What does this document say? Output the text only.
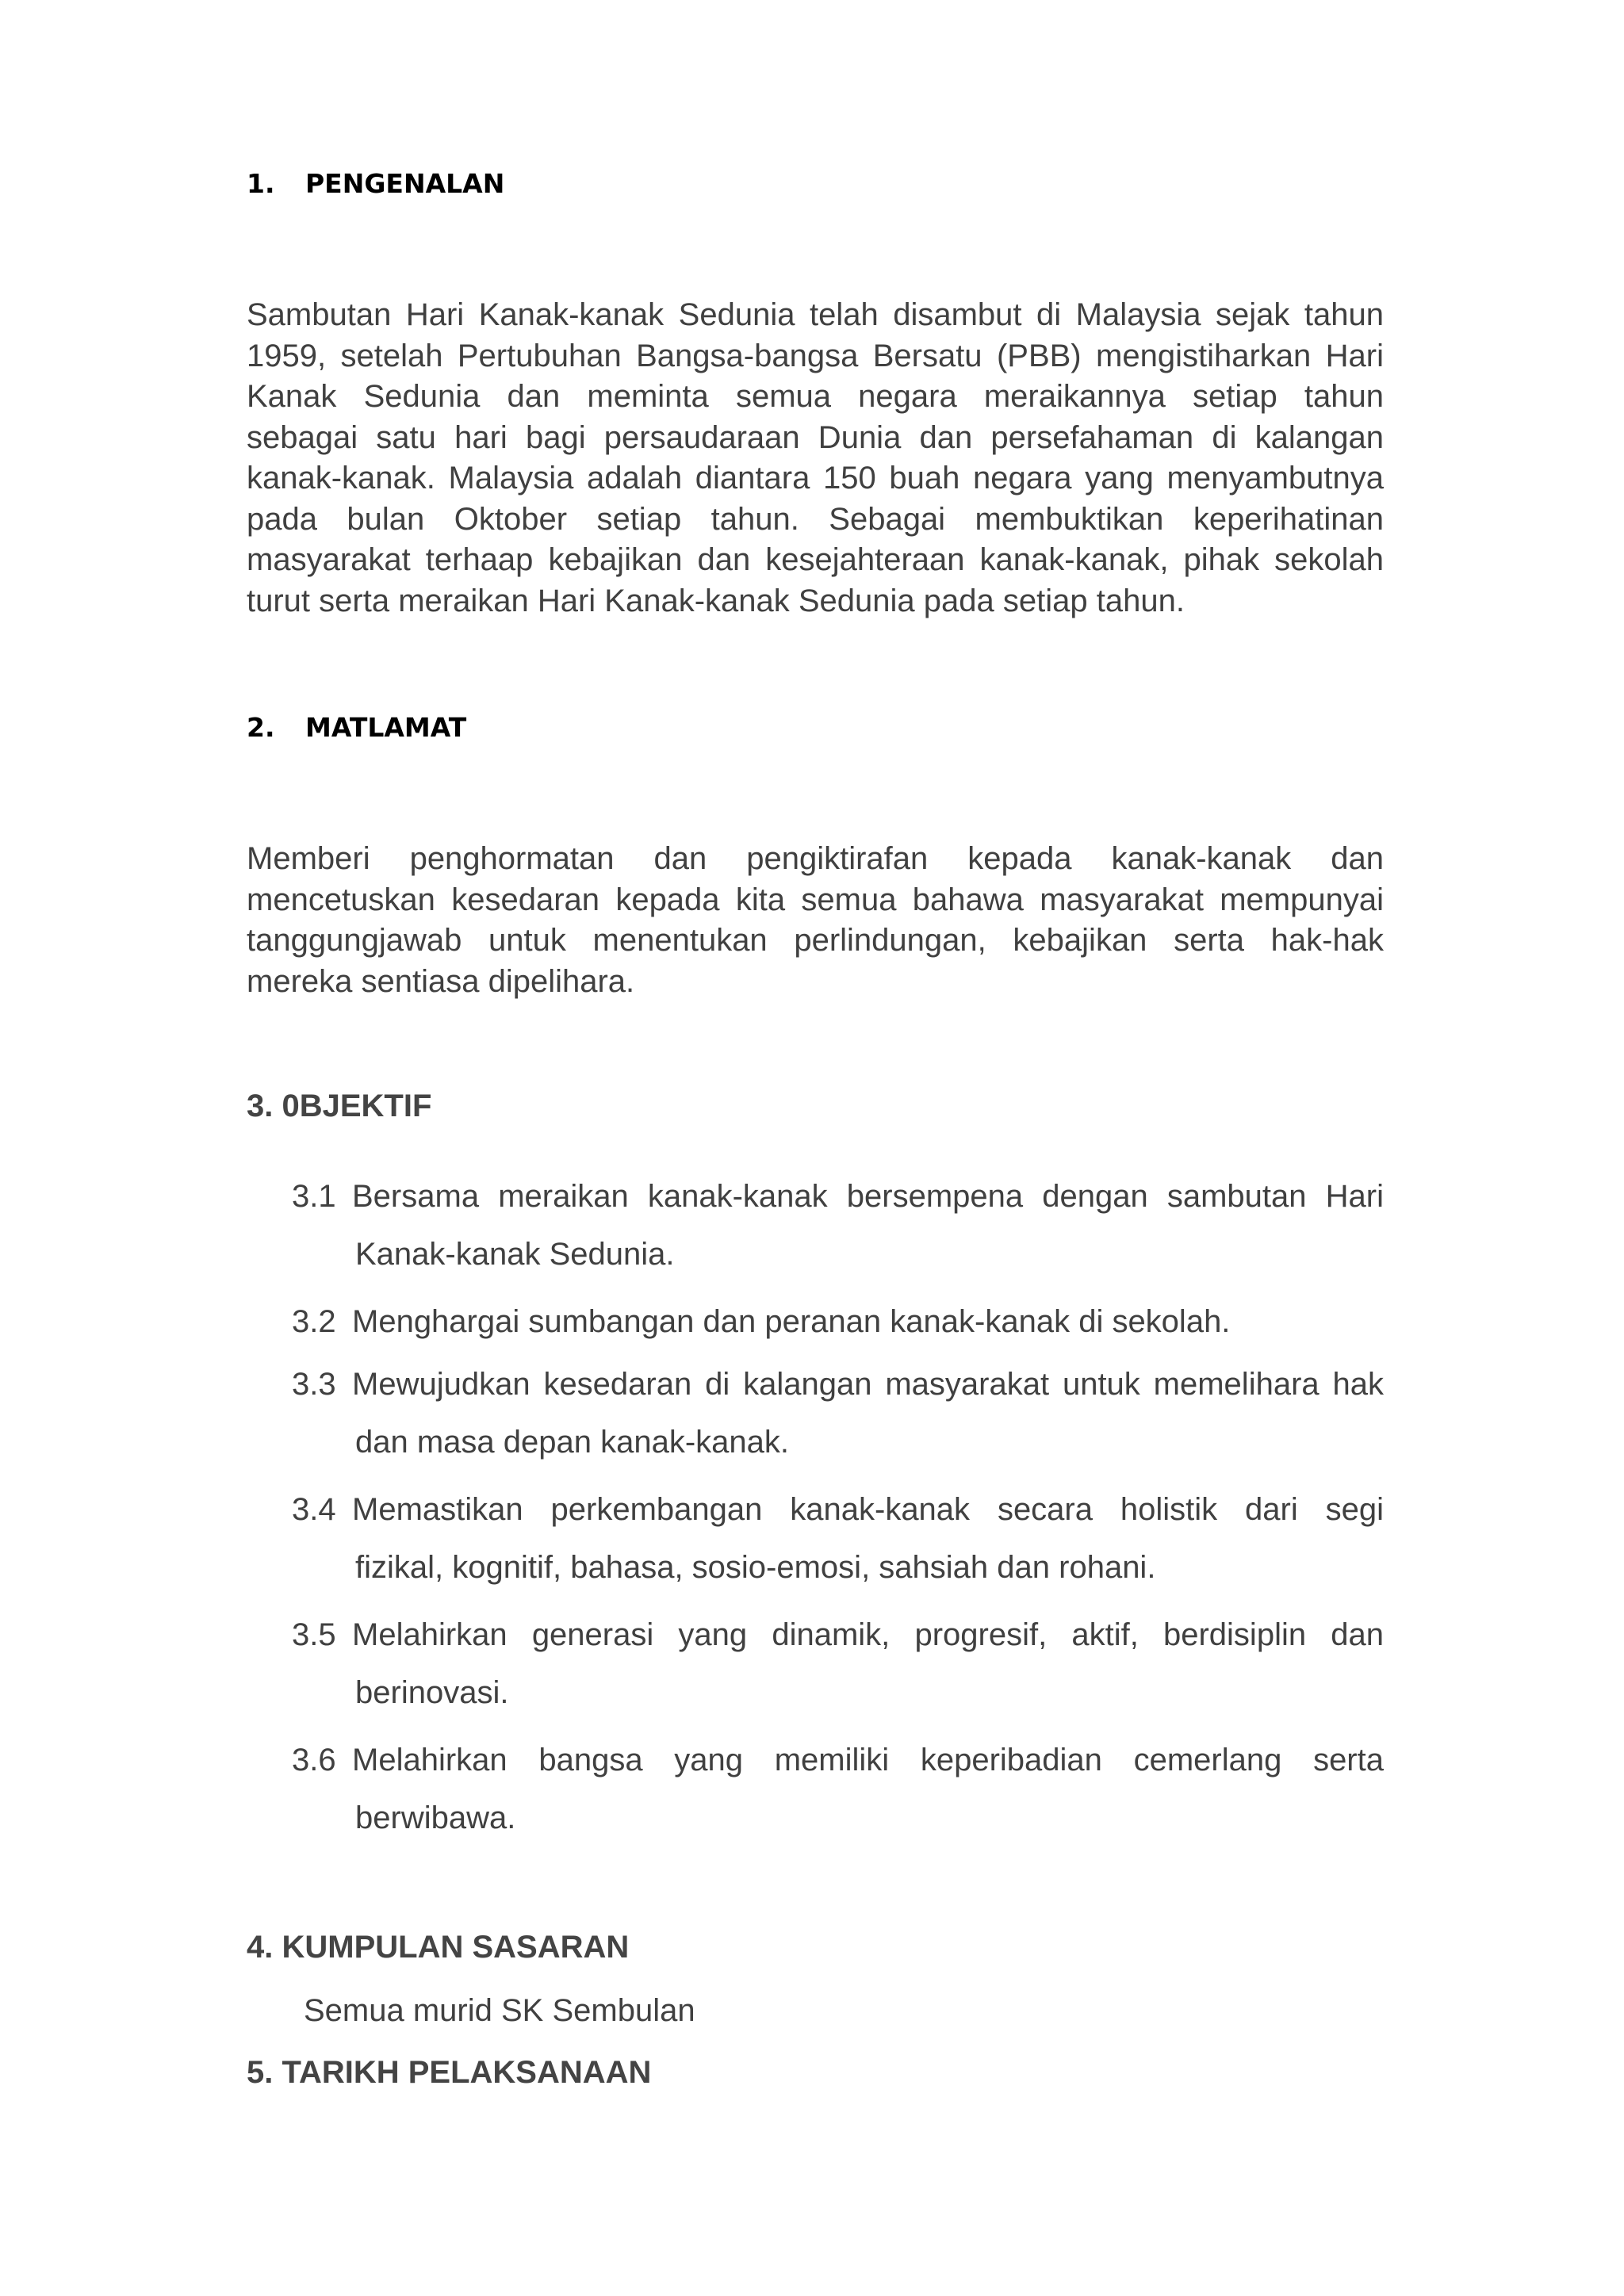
1. PENGENALAN
Sambutan Hari Kanak-kanak Sedunia telah disambut di Malaysia sejak tahun
1959, setelah Pertubuhan Bangsa-bangsa Bersatu (PBB) mengistiharkan Hari
Kanak Sedunia dan meminta semua negara meraikannya setiap tahun
sebagai satu hari bagi persaudaraan Dunia dan persefahaman di kalangan
kanak-kanak. Malaysia adalah diantara 150 buah negara yang menyambutnya
pada bulan Oktober setiap tahun. Sebagai membuktikan keperihatinan
masyarakat terhaap kebajikan dan kesejahteraan kanak-kanak, pihak sekolah
turut serta meraikan Hari Kanak-kanak Sedunia pada setiap tahun.
2. MATLAMAT
Memberi penghormatan dan pengiktirafan kepada kanak-kanak dan
mencetuskan kesedaran kepada kita semua bahawa masyarakat mempunyai
tanggungjawab untuk menentukan perlindungan, kebajikan serta hak-hak
mereka sentiasa dipelihara.
3. 0BJEKTIF
3.1 Bersama meraikan kanak-kanak bersempena dengan sambutan Hari
Kanak-kanak Sedunia.
3.2 Menghargai sumbangan dan peranan kanak-kanak di sekolah.
3.3 Mewujudkan kesedaran di kalangan masyarakat untuk memelihara hak
dan masa depan kanak-kanak.
3.4 Memastikan perkembangan kanak-kanak secara holistik dari segi
fizikal, kognitif, bahasa, sosio-emosi, sahsiah dan rohani.
3.5 Melahirkan generasi yang dinamik, progresif, aktif, berdisiplin dan
berinovasi.
3.6 Melahirkan bangsa yang memiliki keperibadian cemerlang serta
berwibawa.
4. KUMPULAN SASARAN
Semua murid SK Sembulan
5. TARIKH PELAKSANAAN
